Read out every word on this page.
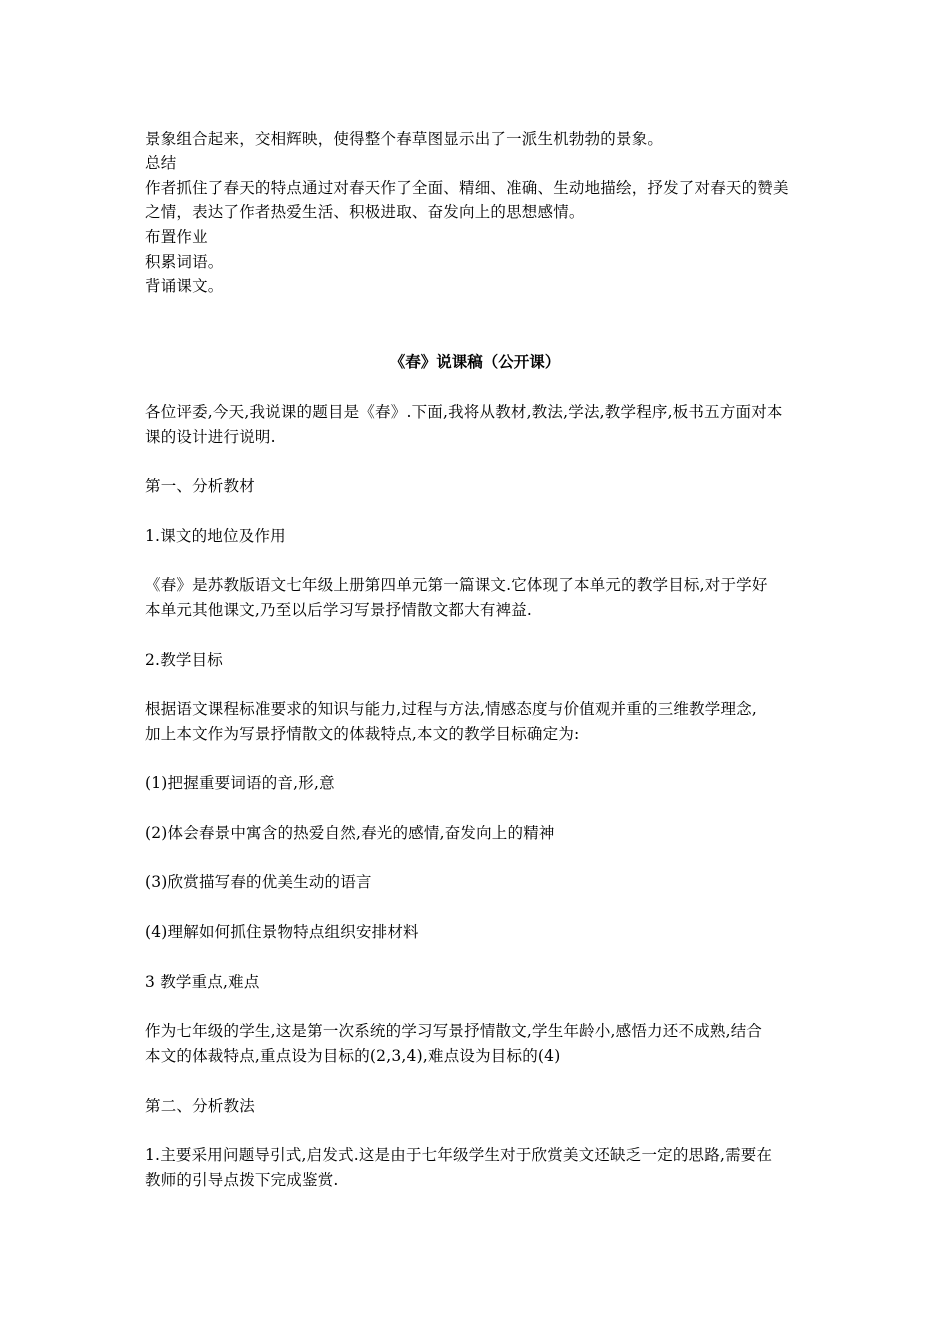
景象组合起来，交相辉映，使得整个春草图显示出了一派生机勃勃的景象。
总结
作者抓住了春天的特点通过对春天作了全面、精细、准确、生动地描绘，抒发了对春天的赞美
之情，表达了作者热爱生活、积极进取、奋发向上的思想感情。
布置作业
积累词语。
背诵课文。
《春》说课稿（公开课）
各位评委,今天,我说课的题目是《春》.下面,我将从教材,教法,学法,教学程序,板书五方面对本
课的设计进行说明.
第一、分析教材
1.课文的地位及作用
《春》是苏教版语文七年级上册第四单元第一篇课文.它体现了本单元的教学目标,对于学好
本单元其他课文,乃至以后学习写景抒情散文都大有裨益.
2.教学目标
根据语文课程标准要求的知识与能力,过程与方法,情感态度与价值观并重的三维教学理念,
加上本文作为写景抒情散文的体裁特点,本文的教学目标确定为:
(1)把握重要词语的音,形,意
(2)体会春景中寓含的热爱自然,春光的感情,奋发向上的精神
(3)欣赏描写春的优美生动的语言
(4)理解如何抓住景物特点组织安排材料
3 教学重点,难点
作为七年级的学生,这是第一次系统的学习写景抒情散文,学生年龄小,感悟力还不成熟,结合
本文的体裁特点,重点设为目标的(2,3,4),难点设为目标的(4)
第二、分析教法
1.主要采用问题导引式,启发式.这是由于七年级学生对于欣赏美文还缺乏一定的思路,需要在
教师的引导点拨下完成鉴赏.
